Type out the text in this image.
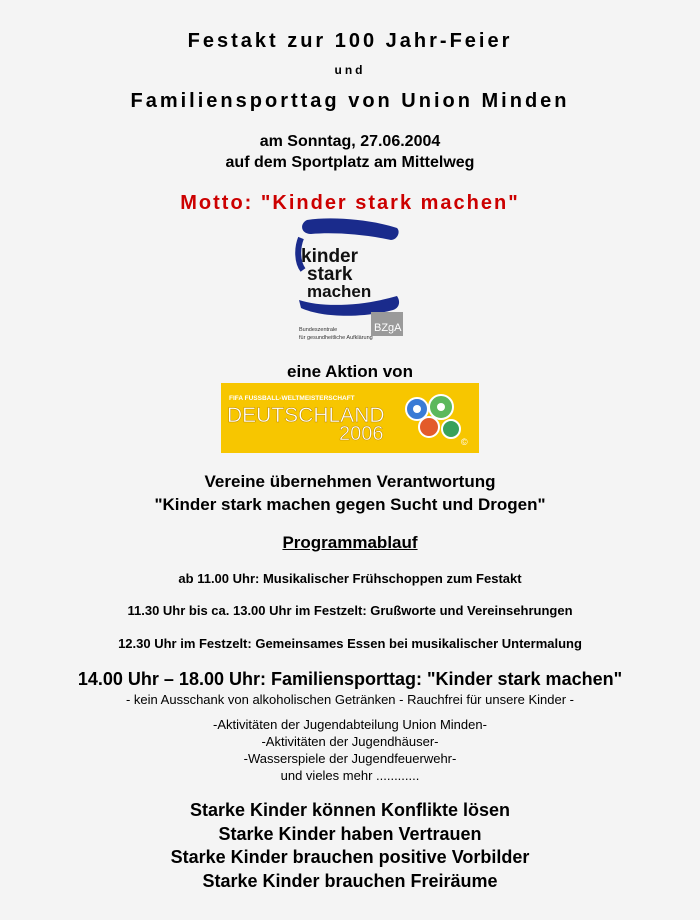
Festakt zur 100 Jahr-Feier
und
Familiensporttag von Union Minden
am Sonntag, 27.06.2004
auf dem Sportplatz am Mittelweg
Motto: "Kinder stark machen"
kinder
stark
machen
BZgA
Bundeszentrale
für gesundheitliche Aufklärung
eine Aktion von
FIFA FUSSBALL-WELTMEISTERSCHAFT
DEUTSCHLAND
2006	©
Vereine übernehmen Verantwortung
"Kinder stark machen gegen Sucht und Drogen"
Programmablauf
ab 11.00 Uhr: Musikalischer Frühschoppen zum Festakt
11.30 Uhr bis ca. 13.00 Uhr im Festzelt: Grußworte und Vereinsehrungen
12.30 Uhr im Festzelt: Gemeinsames Essen bei musikalischer Untermalung
14.00 Uhr – 18.00 Uhr: Familiensporttag: "Kinder stark machen"
- kein Ausschank von alkoholischen Getränken - Rauchfrei für unsere Kinder -
-Aktivitäten der Jugendabteilung Union Minden-
-Aktivitäten der Jugendhäuser-
-Wasserspiele der Jugendfeuerwehr-
und vieles mehr ............
Starke Kinder können Konflikte lösen
Starke Kinder haben Vertrauen
Starke Kinder brauchen positive Vorbilder
Starke Kinder brauchen Freiräume
